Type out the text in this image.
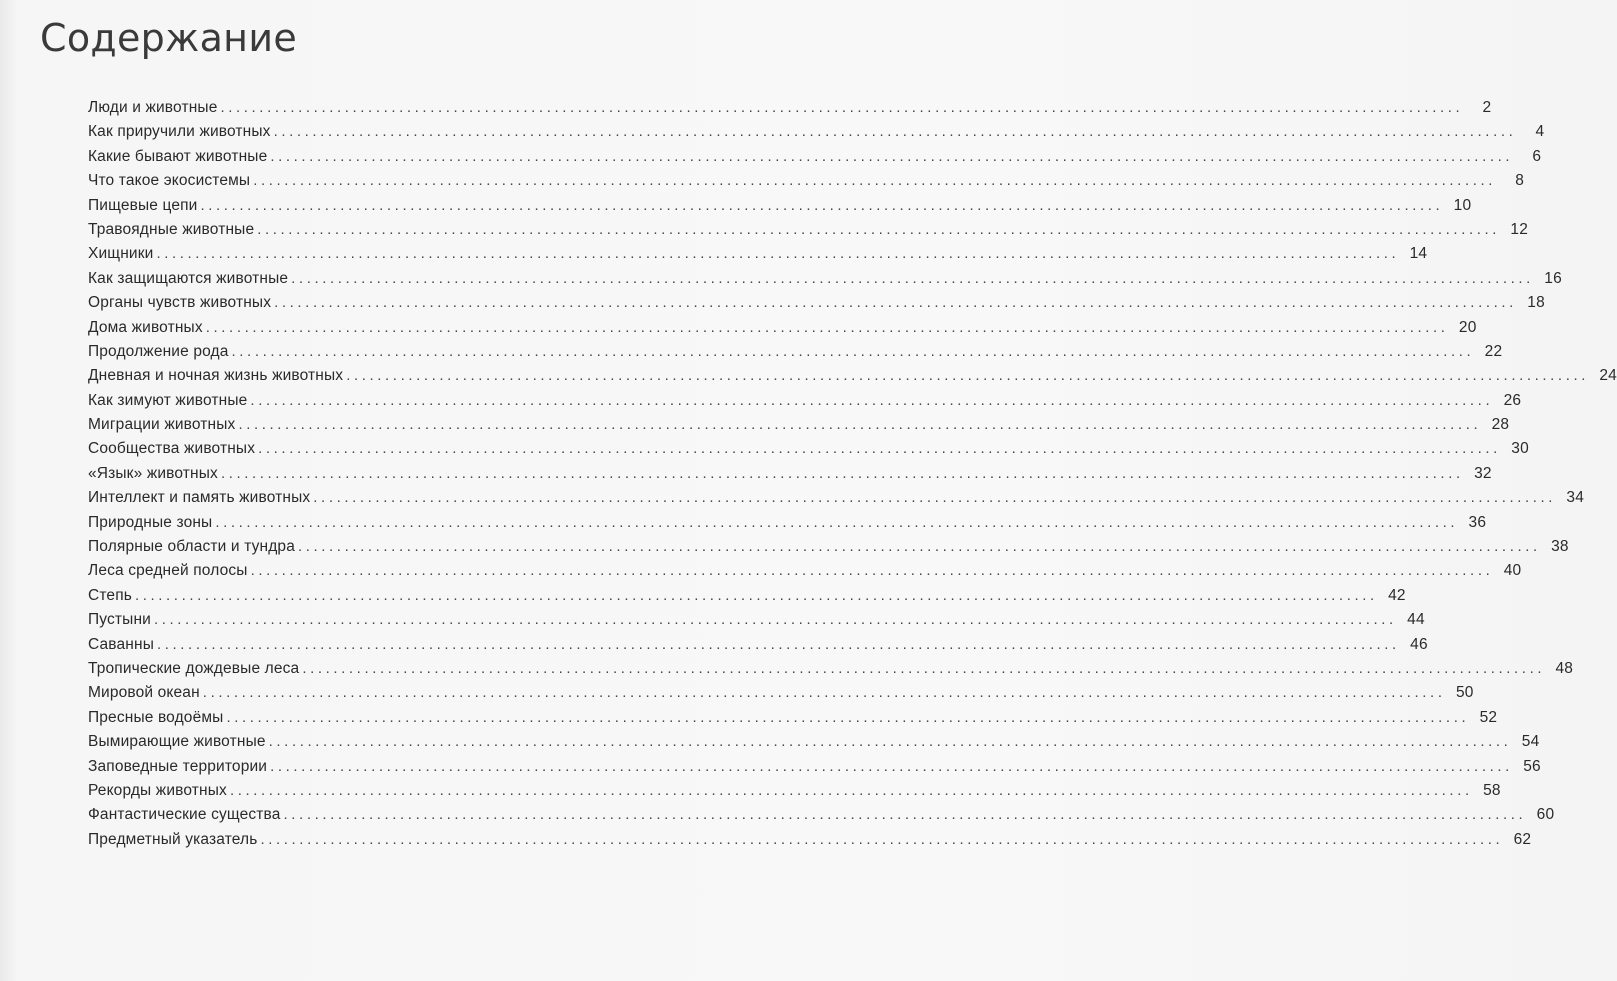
Содержание
Люди и животные ................................................................................................................................................................	2
Как приручили животных ................................................................................................................................................................	4
Какие бывают животные ................................................................................................................................................................	6
Что такое экосистемы ................................................................................................................................................................	8
Пищевые цепи ................................................................................................................................................................ 10
Травоядные животные ................................................................................................................................................................ 12
Хищники ................................................................................................................................................................ 14
Как защищаются животные ................................................................................................................................................................ 16
Органы чувств животных ................................................................................................................................................................ 18
Дома животных ................................................................................................................................................................ 20
Продолжение рода ................................................................................................................................................................ 22
Дневная и ночная жизнь животных ................................................................................................................................................................ 24
Как зимуют животные ................................................................................................................................................................ 26
Миграции животных ................................................................................................................................................................ 28
Сообщества животных ................................................................................................................................................................ 30
«Язык» животных ................................................................................................................................................................ 32
Интеллект и память животных ................................................................................................................................................................ 34
Природные зоны ................................................................................................................................................................ 36
Полярные области и тундра ................................................................................................................................................................ 38
Леса средней полосы ................................................................................................................................................................ 40
Степь ................................................................................................................................................................ 42
Пустыни ................................................................................................................................................................ 44
Саванны ................................................................................................................................................................ 46
Тропические дождевые леса ................................................................................................................................................................ 48
Мировой океан ................................................................................................................................................................ 50
Пресные водоёмы ................................................................................................................................................................ 52
Вымирающие животные ................................................................................................................................................................ 54
Заповедные территории ................................................................................................................................................................ 56
Рекорды животных ................................................................................................................................................................ 58
Фантастические существа ................................................................................................................................................................ 60
Предметный указатель ................................................................................................................................................................ 62
